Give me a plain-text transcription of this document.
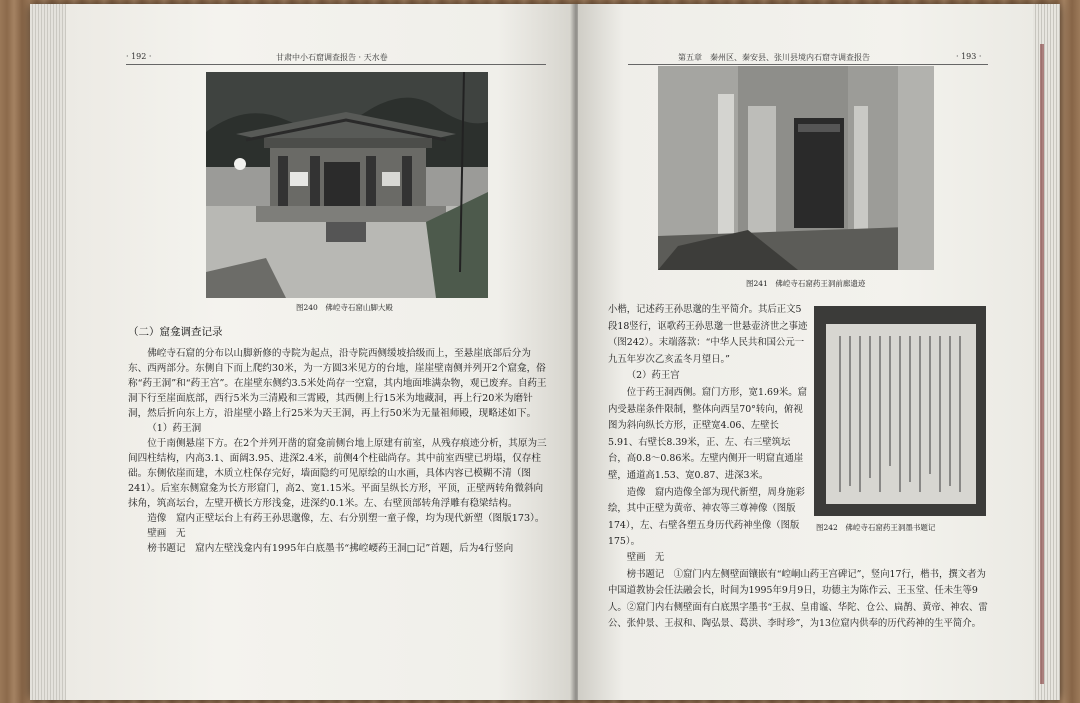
· 192 ·	甘肃中小石窟调查报告 · 天水卷
图240　佛崆寺石窟山脚大殿
（二）窟龛调查记录

佛崆寺石窟的分布以山脚新修的寺院为起点，沿寺院西侧缓坡拾级而上，至悬崖底部后分为东、西两部分。东侧自下而上爬约30米，为一方圆3米见方的台地，崖崖壁南侧并列开2个窟龛，俗称“药王洞”和“药王宫”。在崖壁东侧约3.5米处尚存一空窟，其内地面堆满杂物，观已废弃。自药王洞下行至崖面底部，西行5米为三清殿和三霄殿，其西侧上行15米为地藏洞，再上行20米为磨针洞，然后折向东上方，沿崖壁小路上行25米为天王洞，再上行50米为无量祖师殿，现略述如下。

（1）药王洞

位于南侧悬崖下方。在2个并列开凿的窟龛前侧台地上原建有前室，从残存痕迹分析，其原为三间四柱结构，内高3.1、面阔3.95、进深2.4米，前侧4个柱础尚存。其中前室西壁已坍塌，仅存柱础。东侧依崖而建，木质立柱保存完好，墙面隐约可见原绘的山水画，具体内容已模糊不清（图241）。后室东侧窟龛为长方形窟门，高2、宽1.15米。平面呈纵长方形，平顶，正壁两转角微斜向抹角，筑高坛台，左壁开横长方形浅龛，进深约0.1米。左、右壁顶部转角浮雕有稳梁结构。

造像　窟内正壁坛台上有药王孙思邈像，左、右分别塑一童子像，均为现代新塑（图版173）。

壁画　无

榜书题记　窟内左壁浅龛内有1995年白底墨书“拂崆崾药王洞□记”首题，后为4行竖向

第五章　秦州区、秦安县、张川县境内石窟寺调查报告	· 193 ·
图241　佛崆寺石窟药王洞前廊遗迹
图242　佛崆寺石窟药王洞墨书题记

小楷，记述药王孙思邈的生平简介。其后正文5段18竖行，讴歌药王孙思邈一世悬壶济世之事迹（图242）。末端落款：“中华人民共和国公元一九五年岁次乙亥孟冬月望日。”

（2）药王宫

位于药王洞西侧。窟门方形，宽1.69米。窟内受悬崖条件限制，整体向西呈70°转向，俯视图为斜向纵长方形，正壁宽4.06、左壁长5.91、右壁长8.39米，正、左、右三壁筑坛台，高0.8～0.86米。左壁内侧开一明窟直通崖壁，通道高1.53、宽0.87、进深3米。

造像　窟内造像全部为现代新塑，周身施彩绘，其中正壁为黄帝、神农等三尊神像（图版174），左、右壁各塑五身历代药神坐像（图版175）。

壁画　无

榜书题记　①窟门内左侧壁面镶嵌有“崆峒山药王宫碑记”，竖向17行，楷书，撰文者为中国道教协会任法融会长，时间为1995年9月9日，功德主为陈作云、王玉堂、任未生等9人。②窟门内右侧壁面有白底黑字墨书“王叔、皇甫谧、华陀、仓公、扁鹊、黄帝、神农、雷公、张仲景、王叔和、陶弘景、葛洪、李时珍”，为13位窟内供奉的历代药神的生平简介。
